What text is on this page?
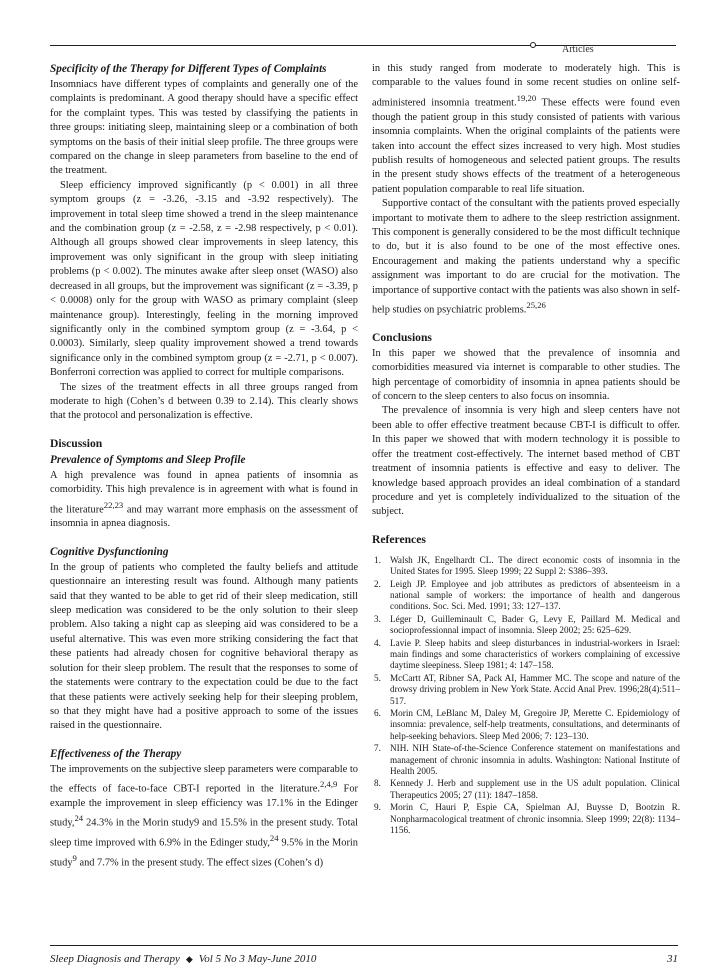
Articles
Specificity of the Therapy for Different Types of Complaints

Insomniacs have different types of complaints and generally one of the complaints is predominant. A good therapy should have a specific effect for the complaint types. This was tested by classifying the patients in three groups: initiating sleep, maintaining sleep or a combination of both symptoms on the basis of their initial sleep profile. The three groups were compared on the change in sleep parameters from baseline to the end of the treatment.

Sleep efficiency improved significantly (p < 0.001) in all three symptom groups (z = -3.26, -3.15 and -3.92 respectively). The improvement in total sleep time showed a trend in the sleep maintenance and the combination group (z = -2.58, z = -2.98 respectively, p < 0.01). Although all groups showed clear improvements in sleep latency, this improvement was only significant in the group with sleep initiating problems (p < 0.002). The minutes awake after sleep onset (WASO) also decreased in all groups, but the improvement was significant (z = -3.39, p < 0.0008) only for the group with WASO as primary complaint (sleep maintenance group). Interestingly, feeling in the morning improved significantly only in the combined symptom group (z = -3.64, p < 0.0003). Similarly, sleep quality improvement showed a trend towards significance only in the combined symptom group (z = -2.71, p < 0.007). Bonferroni correction was applied to correct for multiple comparisons.

The sizes of the treatment effects in all three groups ranged from moderate to high (Cohen’s d between 0.39 to 2.14). This clearly shows that the protocol and personalization is effective.

Discussion
Prevalence of Symptoms and Sleep Profile

A high prevalence was found in apnea patients of insomnia as comorbidity. This high prevalence is in agreement with what is found in the literature$^{22,23}$ and may warrant more emphasis on the assessment of insomnia in apnea diagnosis.

Cognitive Dysfunctioning

In the group of patients who completed the faulty beliefs and attitude questionnaire an interesting result was found. Although many patients said that they wanted to be able to get rid of their sleep medication, still sleep medication was considered to be the only solution to their sleep problem. Also taking a night cap as sleeping aid was considered to be a useful alternative. This was even more striking considering the fact that these patients had already chosen for cognitive behavioral therapy as solution for their sleep problem. The result that the responses to some of the statements were contrary to the expectation could be due to the fact that these patients were actively seeking help for their sleeping problem, so that they might have had a positive approach to some of the issues raised in the questionnaire.

Effectiveness of the Therapy

The improvements on the subjective sleep parameters were comparable to the effects of face-to-face CBT-I reported in the literature.$^{2,4,9}$ For example the improvement in sleep efficiency was 17.1% in the Edinger study,$^{24}$ 24.3% in the Morin study9 and 15.5% in the present study. Total sleep time improved with 6.9% in the Edinger study,$^{24}$ 9.5% in the Morin study$^9$ and 7.7% in the present study. The effect sizes (Cohen’s d)

in this study ranged from moderate to moderately high. This is comparable to the values found in some recent studies on online self-administered insomnia treatment.$^{19,20}$ These effects were found even though the patient group in this study consisted of patients with various insomnia complaints. When the original complaints of the patients were taken into account the effect sizes increased to very high. Most studies publish results of homogeneous and selected patient groups. The results in the present study shows effects of the treatment of a heterogeneous patient population comparable to real life situation.

Supportive contact of the consultant with the patients proved especially important to motivate them to adhere to the sleep restriction assignment. This component is generally considered to be the most difficult technique to do, but it is also found to be one of the most effective ones. Encouragement and making the patients understand why a specific assignment was important to do are crucial for the motivation. The importance of supportive contact with the patients was also shown in self-help studies on psychiatric problems.$^{25,26}$

Conclusions

In this paper we showed that the prevalence of insomnia and comorbidities measured via internet is comparable to other studies. The high percentage of comorbidity of insomnia in apnea patients should be of concern to the sleep centers to also focus on insomnia.

The prevalence of insomnia is very high and sleep centers have not been able to offer effective treatment because CBT-I is difficult to offer. In this paper we showed that with modern technology it is possible to offer the treatment cost-effectively. The internet based method of CBT treatment of insomnia patients is effective and easy to deliver. The knowledge based approach provides an ideal combination of a standard procedure and yet is completely individualized to the situation of the subject.

References
1. Walsh JK, Engelhardt CL. The direct economic costs of insomnia in the United States for 1995. Sleep 1999; 22 Suppl 2: S386–393.
2. Leigh JP. Employee and job attributes as predictors of absenteeism in a national sample of workers: the importance of health and dangerous conditions. Soc. Sci. Med. 1991; 33: 127–137.
3. Léger D, Guilleminault C, Bader G, Levy E, Paillard M. Medical and socioprofessionnal impact of insomnia. Sleep 2002; 25: 625–629.
4. Lavie P. Sleep habits and sleep disturbances in industrial-workers in Israel: main findings and some characteristics of workers complaining of excessive daytime sleepiness. Sleep 1981; 4: 147–158.
5. McCartt AT, Ribner SA, Pack AI, Hammer MC. The scope and nature of the drowsy driving problem in New York State. Accid Anal Prev. 1996;28(4):511–517.
6. Morin CM, LeBlanc M, Daley M, Gregoire JP, Merette C. Epidemiology of insomnia: prevalence, self-help treatments, consultations, and determinants of help-seeking behaviors. Sleep Med 2006; 7: 123–130.
7. NIH. NIH State-of-the-Science Conference statement on manifestations and management of chronic insomnia in adults. Washington: National Institute of Health 2005.
8. Kennedy J. Herb and supplement use in the US adult population. Clinical Therapeutics 2005; 27 (11): 1847–1858.
9. Morin C, Hauri P, Espie CA, Spielman AJ, Buysse D, Bootzin R. Nonpharmacological treatment of chronic insomnia. Sleep 1999; 22(8): 1134–1156.
Sleep Diagnosis and Therapy ◆ Vol 5 No 3 May-June 2010	31
